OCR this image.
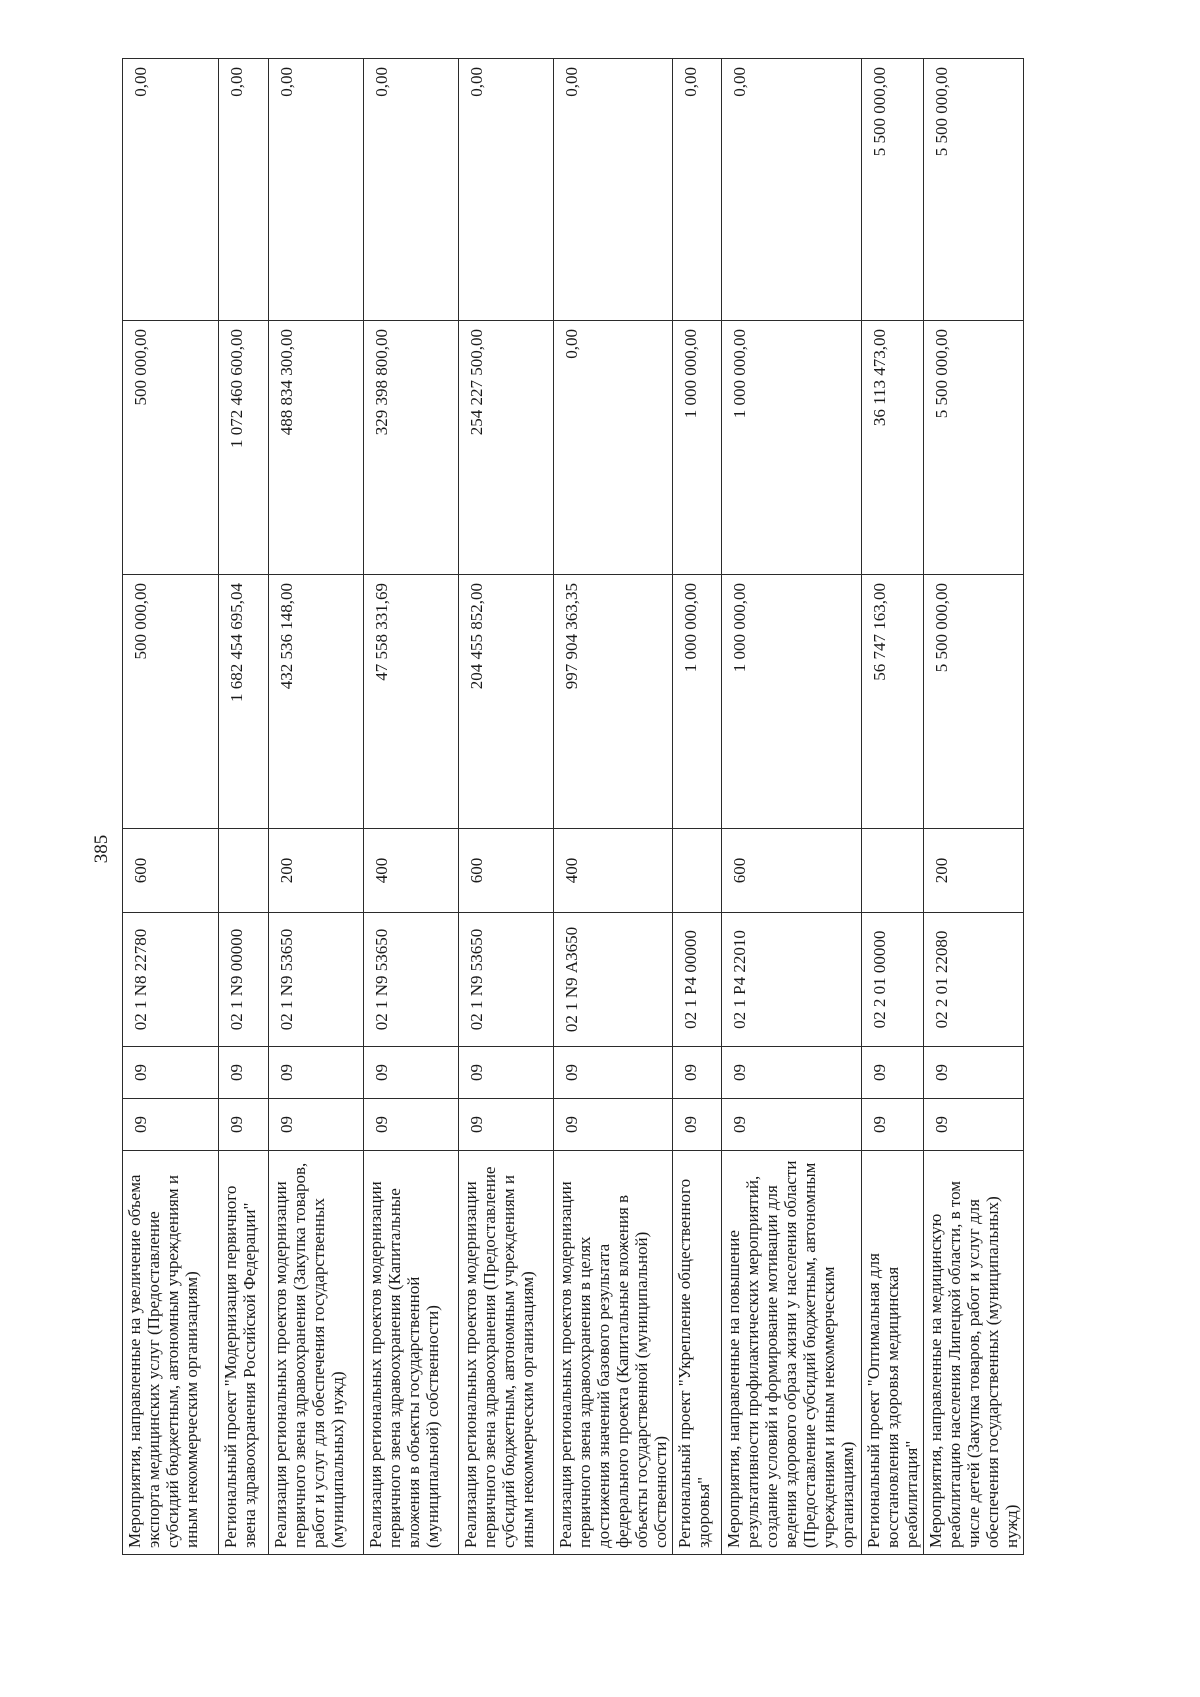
385
Мероприятия, направленные на увеличение объема экспорта медицинских услуг (Предоставление субсидий бюджетным, автономным учреждениям и иным некоммерческим организациям)	09	09	02 1 N8 22780	600	500 000,00	500 000,00	0,00
Региональный проект "Модернизация первичного звена здравоохранения Российской Федерации"	09	09	02 1 N9 00000		1 682 454 695,04	1 072 460 600,00	0,00
Реализация региональных проектов модернизации первичного звена здравоохранения (Закупка товаров, работ и услуг для обеспечения государственных (муниципальных) нужд)	09	09	02 1 N9 53650	200	432 536 148,00	488 834 300,00	0,00
Реализация региональных проектов модернизации первичного звена здравоохранения (Капитальные вложения в объекты государственной (муниципальной) собственности)	09	09	02 1 N9 53650	400	47 558 331,69	329 398 800,00	0,00
Реализация региональных проектов модернизации первичного звена здравоохранения (Предоставление субсидий бюджетным, автономным учреждениям и иным некоммерческим организациям)	09	09	02 1 N9 53650	600	204 455 852,00	254 227 500,00	0,00
Реализация региональных проектов модернизации первичного звена здравоохранения в целях достижения значений базового результата федерального проекта (Капитальные вложения в объекты государственной (муниципальной) собственности)	09	09	02 1 N9 А3650	400	997 904 363,35	0,00	0,00
Региональный проект "Укрепление общественного здоровья"	09	09	02 1 P4 00000		1 000 000,00	1 000 000,00	0,00
Мероприятия, направленные на повышение результативности профилактических мероприятий, создание условий и формирование мотивации для ведения здорового образа жизни у населения области (Предоставление субсидий бюджетным, автономным учреждениям и иным некоммерческим организациям)	09	09	02 1 P4 22010	600	1 000 000,00	1 000 000,00	0,00
Региональный проект "Оптимальная для восстановления здоровья медицинская реабилитация"	09	09	02 2 01 00000		56 747 163,00	36 113 473,00	5 500 000,00
Мероприятия, направленные на медицинскую реабилитацию населения Липецкой области, в том числе детей (Закупка товаров, работ и услуг для обеспечения государственных (муниципальных) нужд)	09	09	02 2 01 22080	200	5 500 000,00	5 500 000,00	5 500 000,00
